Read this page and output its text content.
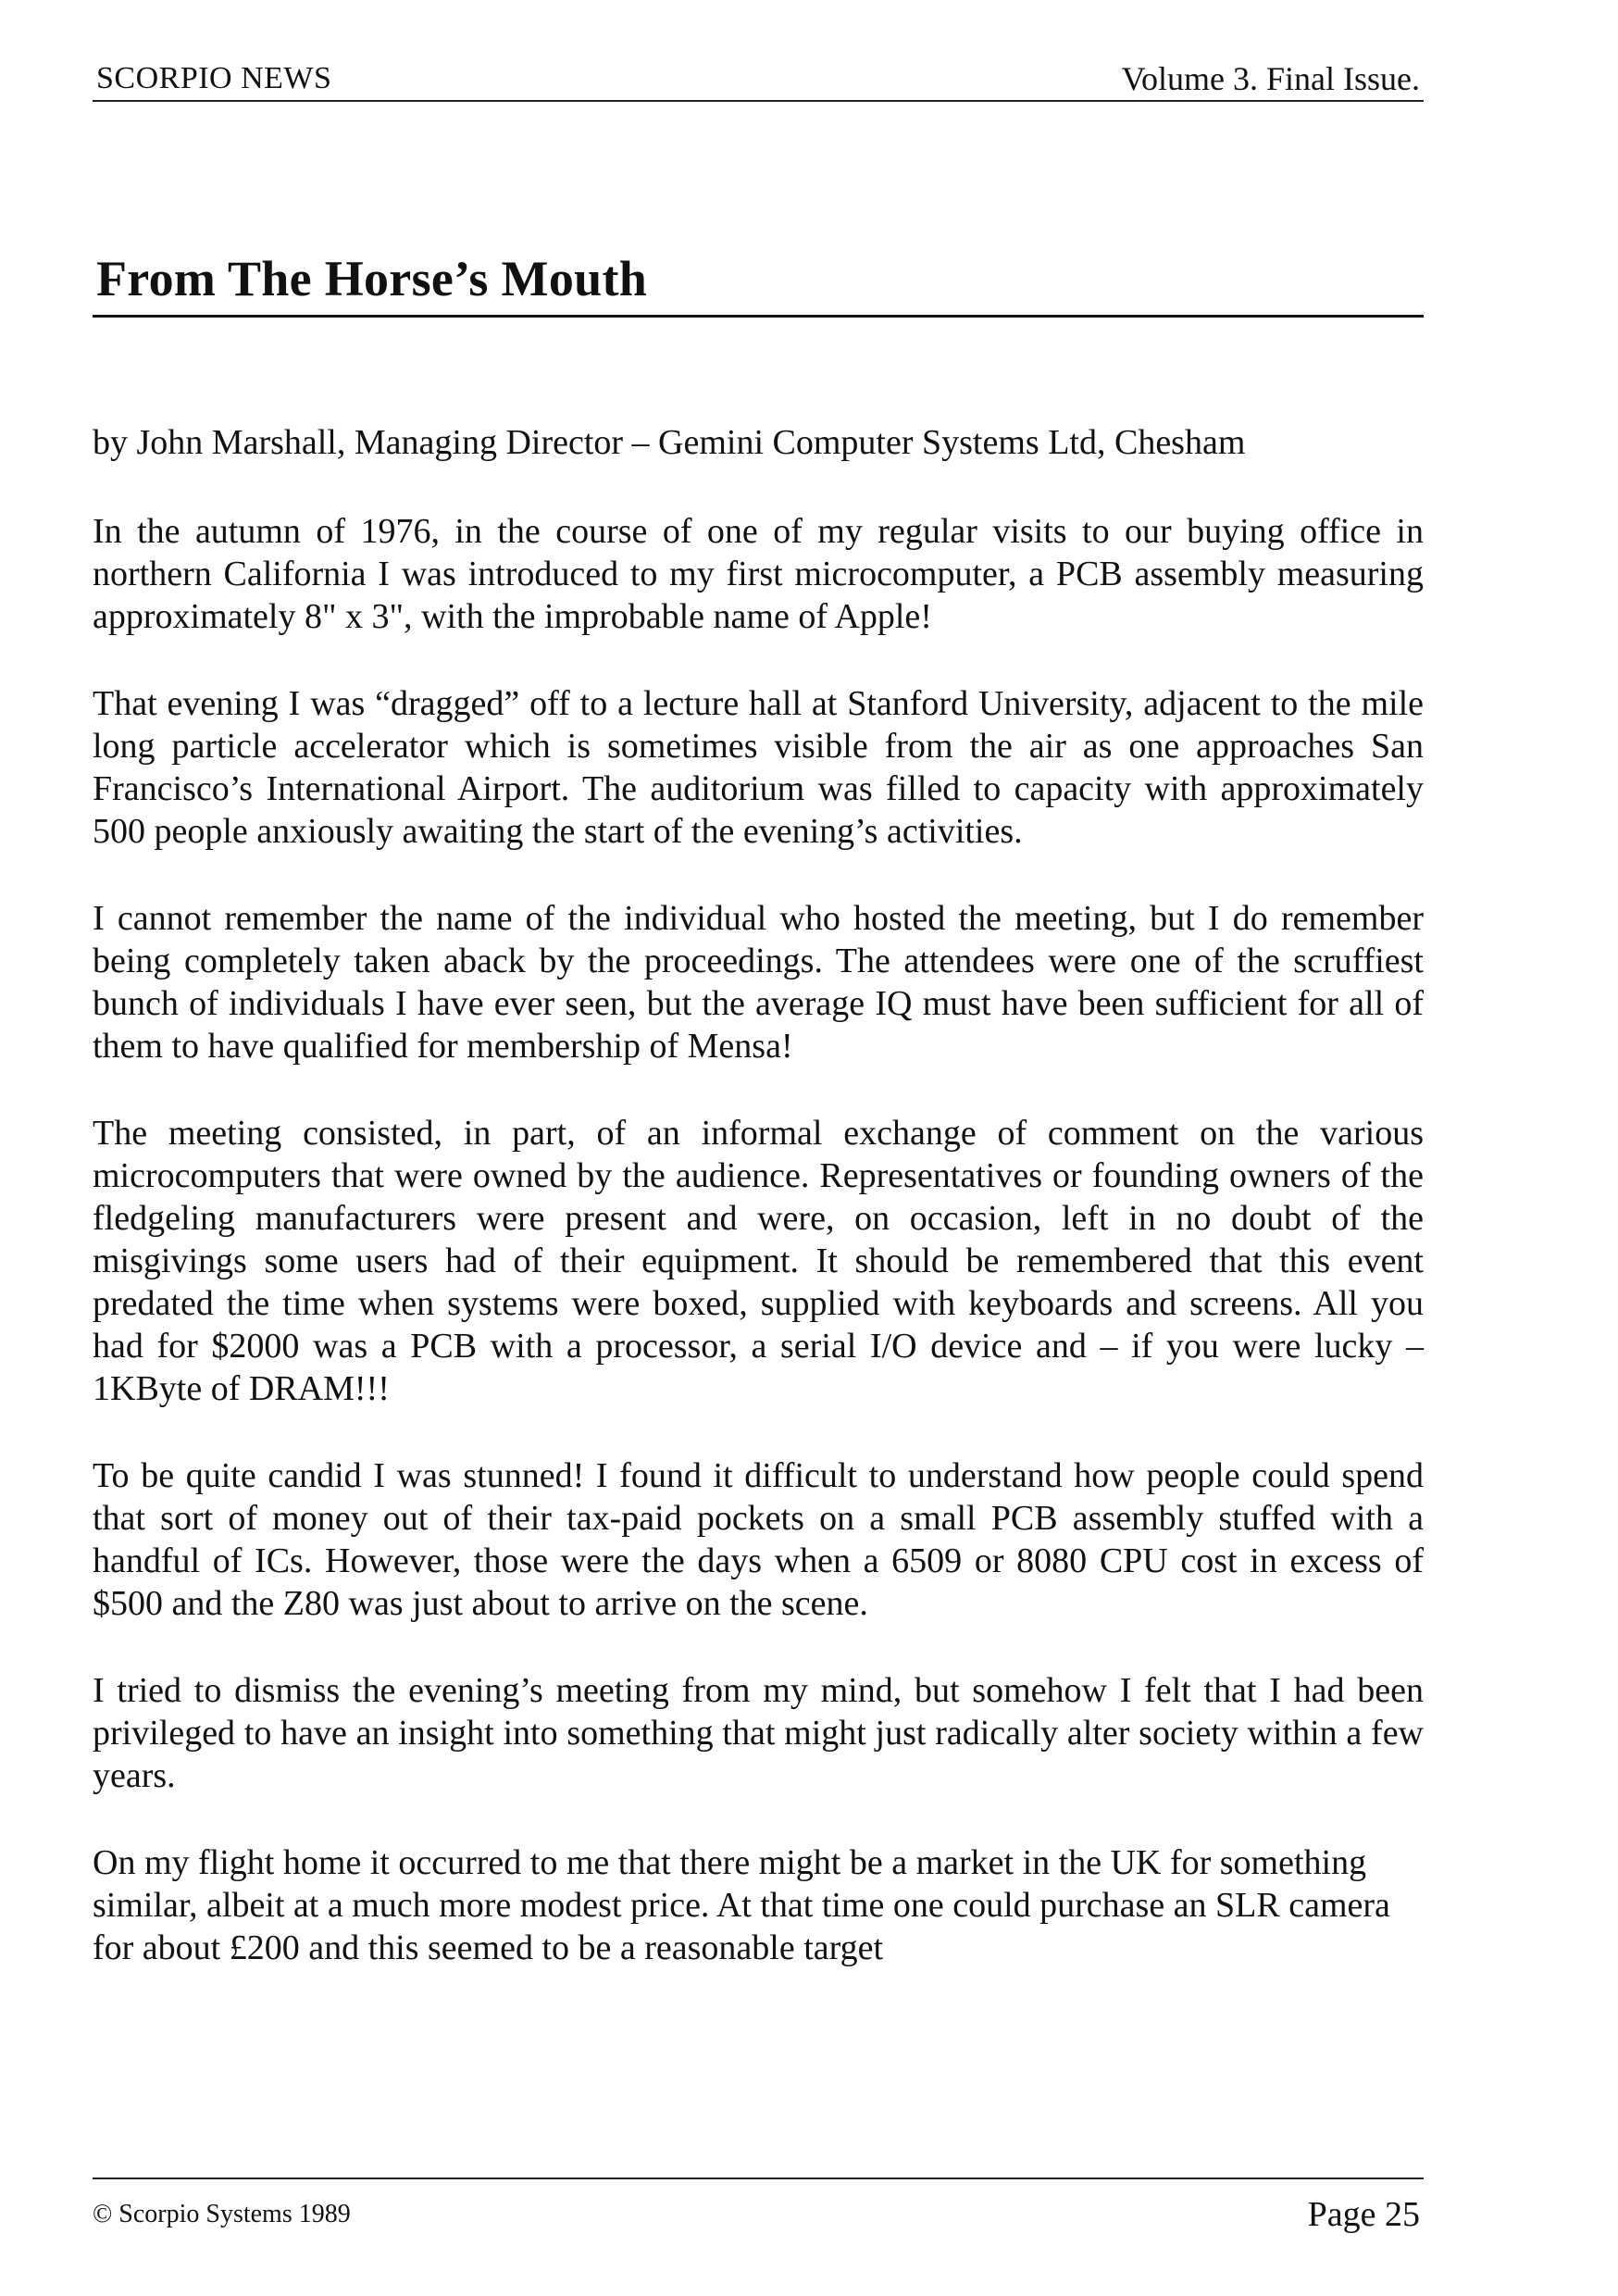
SCORPIO NEWS	Volume 3. Final Issue.
From The Horse’s Mouth

by John Marshall, Managing Director – Gemini Computer Systems Ltd, Chesham

In the autumn of 1976, in the course of one of my regular visits to our buying office in northern California I was introduced to my first microcomputer, a PCB assembly measuring approximately 8" x 3", with the improbable name of Apple!

That evening I was “dragged” off to a lecture hall at Stanford University, adjacent to the mile long particle accelerator which is sometimes visible from the air as one approaches San Francisco’s International Airport. The auditorium was filled to capacity with approximately 500 people anxiously awaiting the start of the evening’s activities.

I cannot remember the name of the individual who hosted the meeting, but I do remember being completely taken aback by the proceedings. The attendees were one of the scruffiest bunch of individuals I have ever seen, but the average IQ must have been sufficient for all of them to have qualified for membership of Mensa!

The meeting consisted, in part, of an informal exchange of comment on the various microcomputers that were owned by the audience. Representatives or founding owners of the fledgeling manufacturers were present and were, on occasion, left in no doubt of the misgivings some users had of their equipment. It should be remembered that this event predated the time when systems were boxed, supplied with keyboards and screens. All you had for $2000 was a PCB with a processor, a serial I/O device and – if you were lucky – 1KByte of DRAM!!!

To be quite candid I was stunned! I found it difficult to understand how people could spend that sort of money out of their tax-paid pockets on a small PCB assembly stuffed with a handful of ICs. However, those were the days when a 6509 or 8080 CPU cost in excess of $500 and the Z80 was just about to arrive on the scene.

I tried to dismiss the evening’s meeting from my mind, but somehow I felt that I had been privileged to have an insight into something that might just radically alter society within a few years.

On my flight home it occurred to me that there might be a market in the UK for something similar, albeit at a much more modest price. At that time one could purchase an SLR camera for about £200 and this seemed to be a reasonable target

© Scorpio Systems 1989	Page 25
